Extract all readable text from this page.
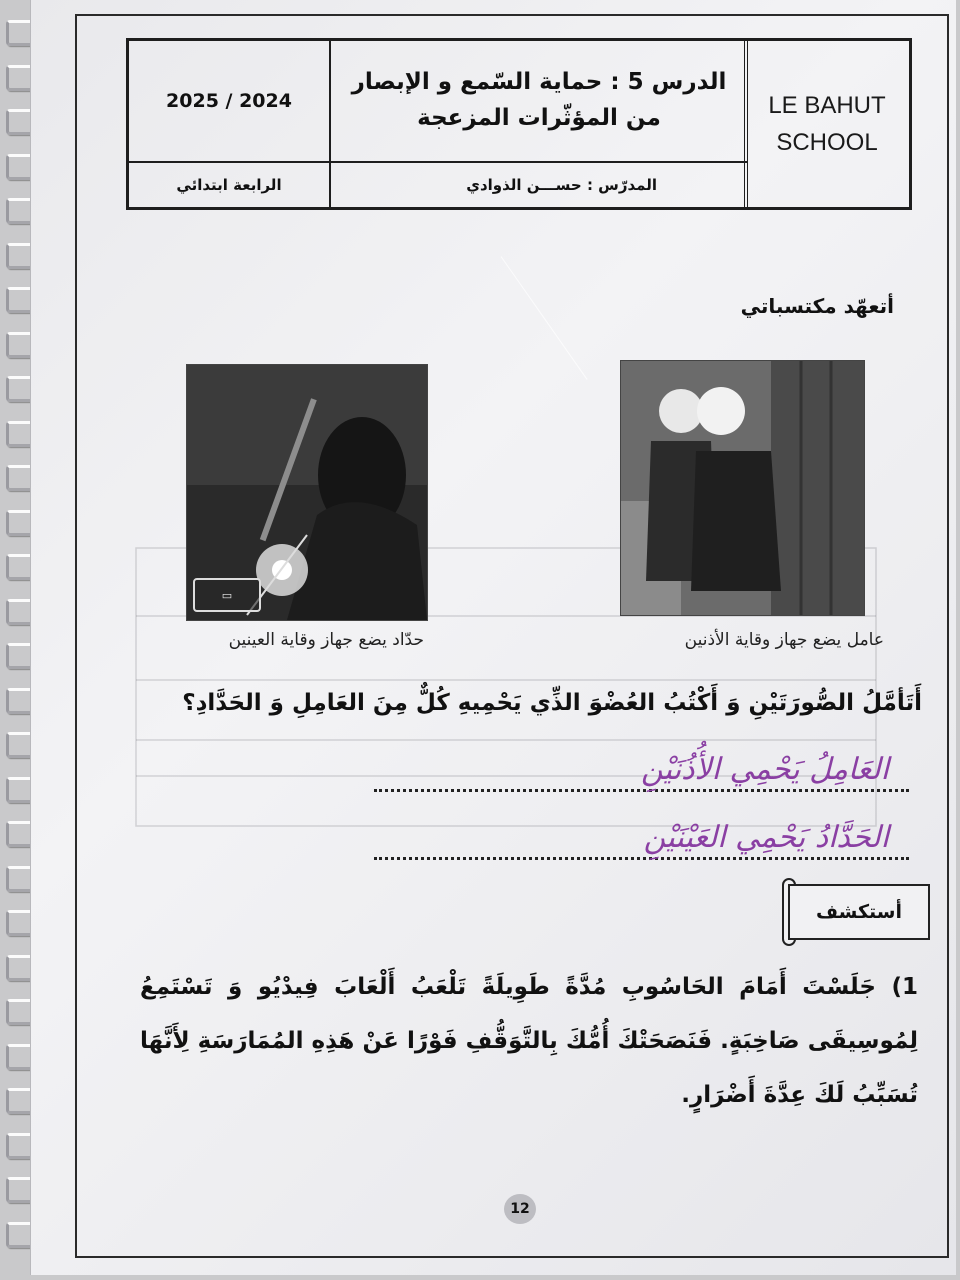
LE BAHUT
SCHOOL
الدرس 5 : حماية السّمع و الإبصار
من المؤثّرات المزعجة
المدرّس : حســـن الذوادي
2025 / 2024
الرابعة ابتدائي
أتعهّد مكتسباتي
▭
حدّاد يضع جهاز وقاية العينين	عامل يضع جهاز وقاية الأذنين
أَتَأمَّلُ الصُّورَتَيْنِ وَ أَكْتُبُ العُضْوَ الذِّي يَحْمِيهِ كُلٌّ مِنَ العَامِلِ وَ الحَدَّادِ؟
العَامِلُ يَحْمِي الأُذُنَيْنِ
الحَدَّادُ يَحْمِي العَيْنَيْنِ
أستكشف
1) جَلَسْتَ أَمَامَ الحَاسُوبِ مُدَّةً طَوِيلَةً تَلْعَبُ أَلْعَابَ فِيدْيُو وَ تَسْتَمِعُ لِمُوسِيقَى صَاخِبَةٍ. فَنَصَحَتْكَ أُمُّكَ بِالتَّوَقُّفِ فَوْرًا عَنْ هَذِهِ المُمَارَسَةِ لِأَنَّهَا تُسَبِّبُ لَكَ عِدَّةَ أَضْرَارٍ.
12
